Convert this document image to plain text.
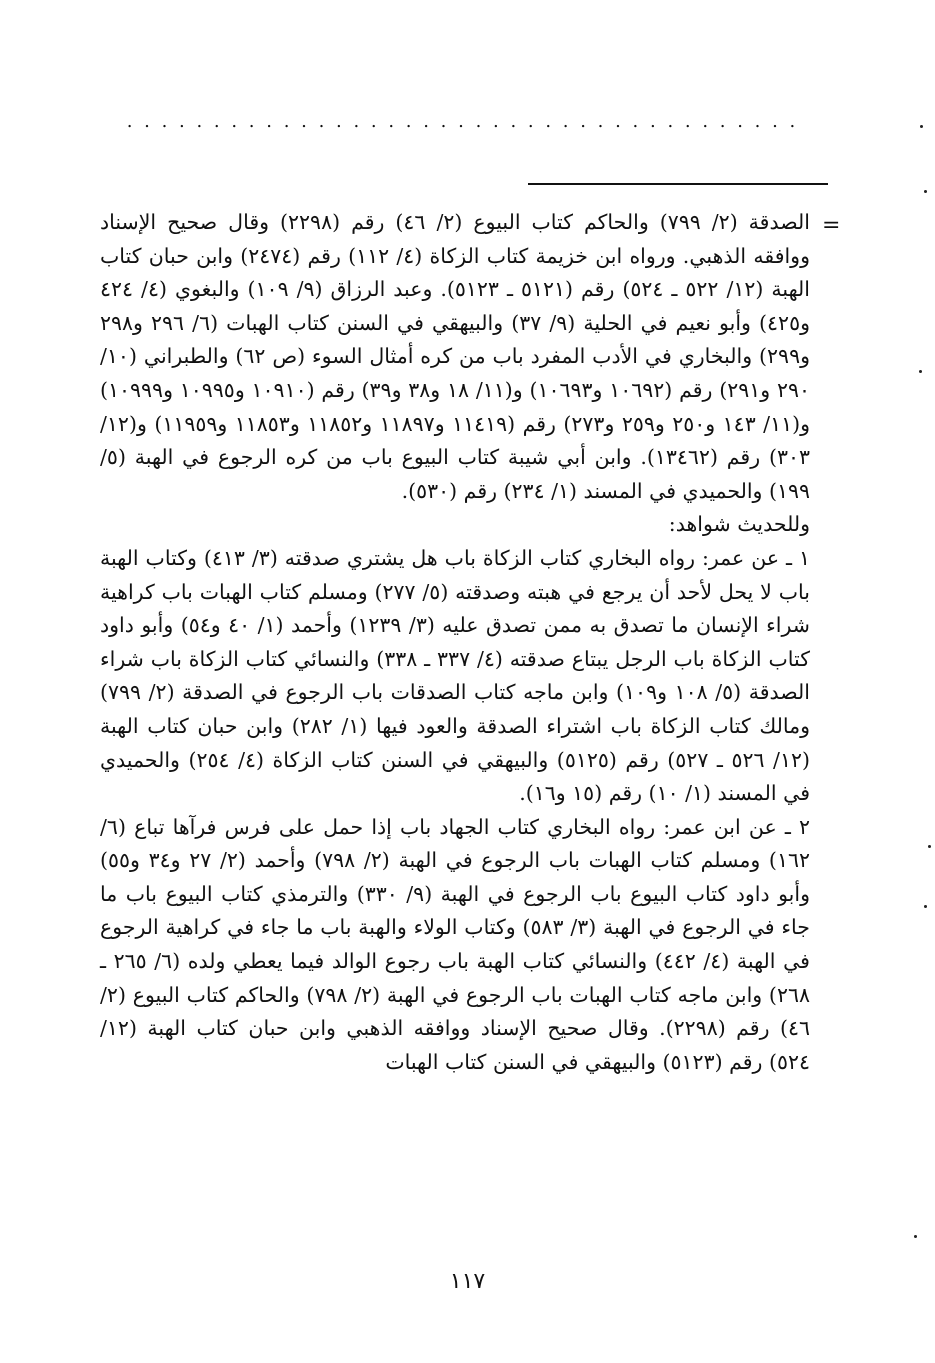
. . . . . . . . . . . . . . . . . . . . . . . . . . . . . . . . . . . . . . .
=

الصدقة (٢/ ٧٩٩) والحاكم كتاب البيوع (٢/ ٤٦) رقم (٢٢٩٨) وقال صحيح الإسناد ووافقه الذهبي. ورواه ابن خزيمة كتاب الزكاة (٤/ ١١٢) رقم (٢٤٧٤) وابن حبان كتاب الهبة (١٢/ ٥٢٢ ـ ٥٢٤) رقم (٥١٢١ ـ ٥١٢٣). وعبد الرزاق (٩/ ١٠٩) والبغوي (٤/ ٤٢٤ و٤٢٥) وأبو نعيم في الحلية (٩/ ٣٧) والبيهقي في السنن كتاب الهبات (٦/ ٢٩٦ و٢٩٨ و٢٩٩) والبخاري في الأدب المفرد باب من كره أمثال السوء (ص ٦٢) والطبراني (١٠/ ٢٩٠ و٢٩١) رقم (١٠٦٩٢ و١٠٦٩٣) و(١١/ ١٨ و٣٨ و٣٩) رقم (١٠٩١٠ و١٠٩٩٥ و١٠٩٩٩) و(١١/ ١٤٣ و٢٥٠ و٢٥٩ و٢٧٣) رقم (١١٤١٩ و١١٨٩٧ و١١٨٥٢ و١١٨٥٣ و١١٩٥٩) و(١٢/ ٣٠٣) رقم (١٣٤٦٢). وابن أبي شيبة كتاب البيوع باب من كره الرجوع في الهبة (٥/ ١٩٩) والحميدي في المسند (١/ ٢٣٤) رقم (٥٣٠).

وللحديث شواهد:

١ ـ عن عمر: رواه البخاري كتاب الزكاة باب هل يشتري صدقته (٣/ ٤١٣) وكتاب الهبة باب لا يحل لأحد أن يرجع في هبته وصدقته (٥/ ٢٧٧) ومسلم كتاب الهبات باب كراهية شراء الإنسان ما تصدق به ممن تصدق عليه (٣/ ١٢٣٩) وأحمد (١/ ٤٠ و٥٤) وأبو داود كتاب الزكاة باب الرجل يبتاع صدقته (٤/ ٣٣٧ ـ ٣٣٨) والنسائي كتاب الزكاة باب شراء الصدقة (٥/ ١٠٨ و١٠٩) وابن ماجه كتاب الصدقات باب الرجوع في الصدقة (٢/ ٧٩٩) ومالك كتاب الزكاة باب اشتراء الصدقة والعود فيها (١/ ٢٨٢) وابن حبان كتاب الهبة (١٢/ ٥٢٦ ـ ٥٢٧) رقم (٥١٢٥) والبيهقي في السنن كتاب الزكاة (٤/ ٢٥٤) والحميدي في المسند (١/ ١٠) رقم (١٥ و١٦).

٢ ـ عن ابن عمر: رواه البخاري كتاب الجهاد باب إذا حمل على فرس فرآها تباع (٦/ ١٦٢) ومسلم كتاب الهبات باب الرجوع في الهبة (٢/ ٧٩٨) وأحمد (٢/ ٢٧ و٣٤ و٥٥) وأبو داود كتاب البيوع باب الرجوع في الهبة (٩/ ٣٣٠) والترمذي كتاب البيوع باب ما جاء في الرجوع في الهبة (٣/ ٥٨٣) وكتاب الولاء والهبة باب ما جاء في كراهية الرجوع في الهبة (٤/ ٤٤٢) والنسائي كتاب الهبة باب رجوع الوالد فيما يعطي ولده (٦/ ٢٦٥ ـ ٢٦٨) وابن ماجه كتاب الهبات باب الرجوع في الهبة (٢/ ٧٩٨) والحاكم كتاب البيوع (٢/ ٤٦) رقم (٢٢٩٨). وقال صحيح الإسناد ووافقه الذهبي وابن حبان كتاب الهبة (١٢/ ٥٢٤) رقم (٥١٢٣) والبيهقي في السنن كتاب الهبات

١١٧
